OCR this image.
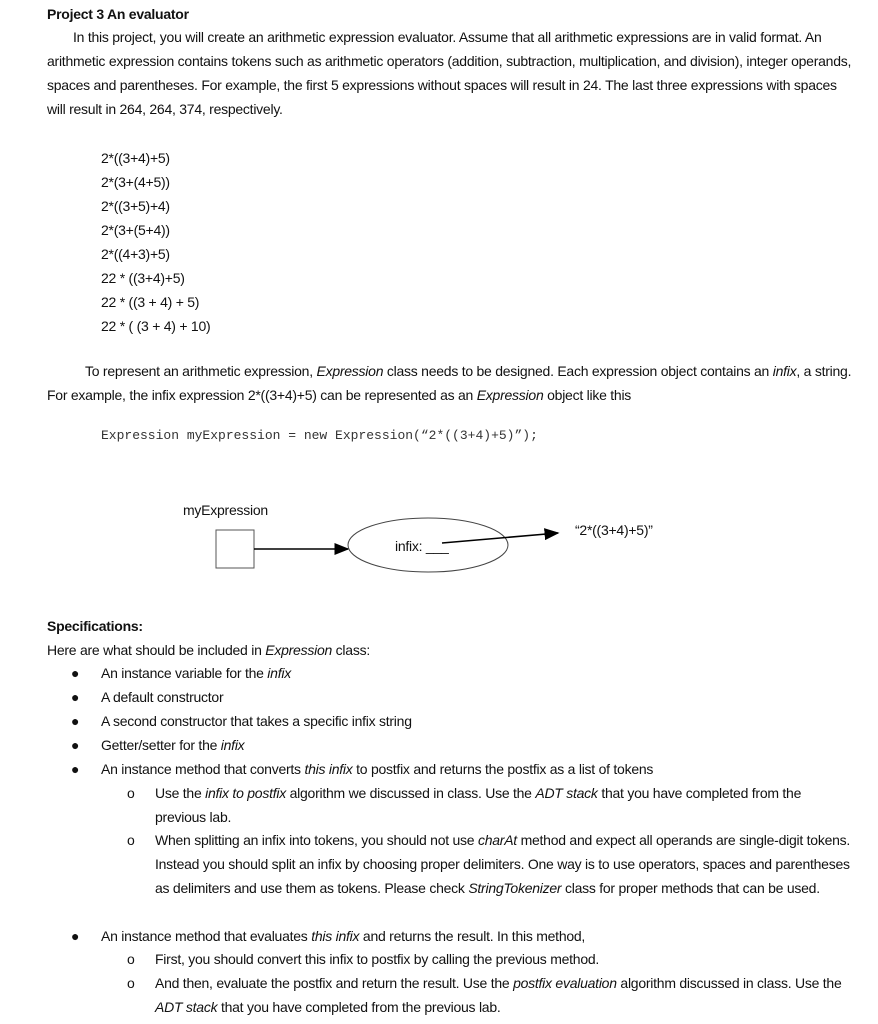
Project 3 An evaluator
In this project, you will create an arithmetic expression evaluator. Assume that all arithmetic expressions are in valid format. An arithmetic expression contains tokens such as arithmetic operators (addition, subtraction, multiplication, and division), integer operands, spaces and parentheses. For example, the first 5 expressions without spaces will result in 24. The last three expressions with spaces will result in 264, 264, 374, respectively.
2*((3+4)+5)
2*(3+(4+5))
2*((3+5)+4)
2*(3+(5+4))
2*((4+3)+5)
22 * ((3+4)+5)
22 * ((3 + 4) + 5)
22 * ( (3 + 4) + 10)
To represent an arithmetic expression, Expression class needs to be designed. Each expression object contains an infix, a string. For example, the infix expression 2*((3+4)+5) can be represented as an Expression object like this
Expression myExpression = new Expression(“2*((3+4)+5)”);
myExpression
infix: ___
“2*((3+4)+5)”
Specifications:
Here are what should be included in Expression class:
● An instance variable for the infix
● A default constructor
● A second constructor that takes a specific infix string
● Getter/setter for the infix
● An instance method that converts this infix to postfix and returns the postfix as a list of tokens
o Use the infix to postfix algorithm we discussed in class. Use the ADT stack that you have completed from the previous lab.
o When splitting an infix into tokens, you should not use charAt method and expect all operands are single-digit tokens. Instead you should split an infix by choosing proper delimiters. One way is to use operators, spaces and parentheses as delimiters and use them as tokens. Please check StringTokenizer class for proper methods that can be used.
● An instance method that evaluates this infix and returns the result. In this method,
o First, you should convert this infix to postfix by calling the previous method.
o And then, evaluate the postfix and return the result. Use the postfix evaluation algorithm discussed in class. Use the ADT stack that you have completed from the previous lab.
